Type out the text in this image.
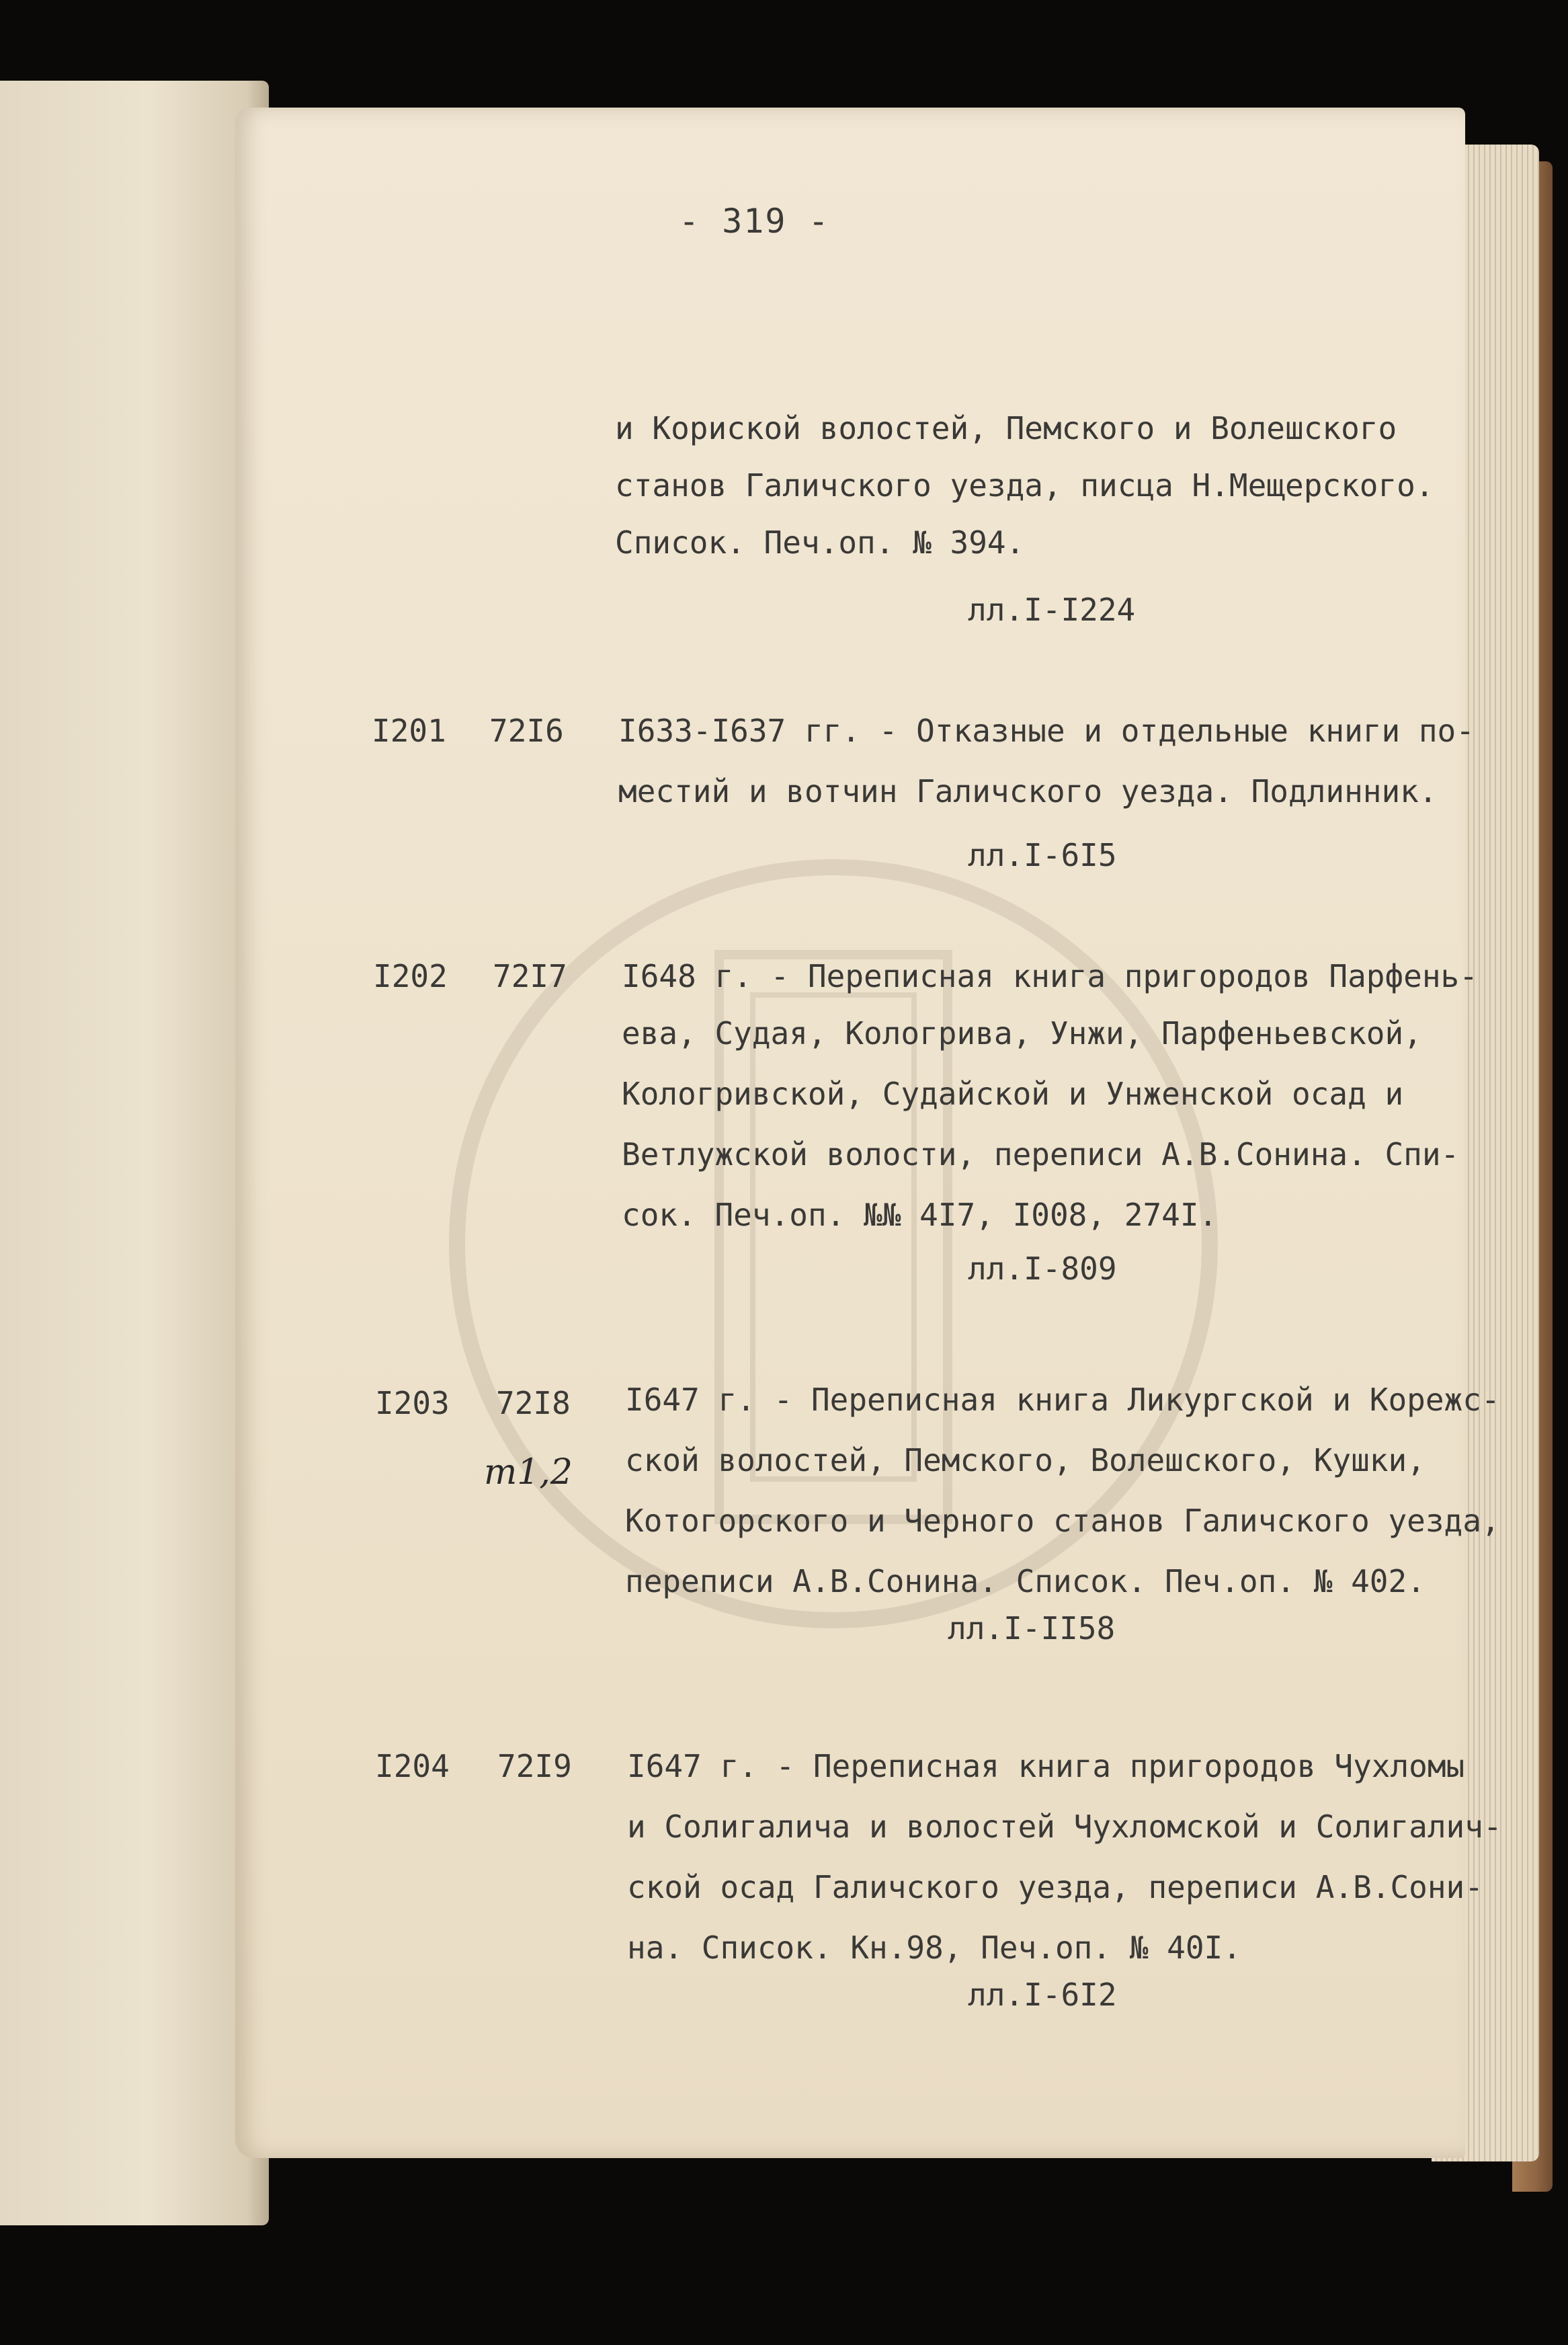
- 319 -
и Кориской волостей, Пемского и Волешского
станов Галичского уезда, писца Н.Мещерского.
Список. Печ.оп. № 394.
лл.I-I224
I201 72I6 I633-I637 гг. - Отказные и отдельные книги по-
местий и вотчин Галичского уезда. Подлинник.
лл.I-6I5
I202 72I7 I648 г. - Переписная книга пригородов Парфень-
ева, Судая, Кологрива, Унжи, Парфеньевской,
Кологривской, Судайской и Унженской осад и
Ветлужской волости, переписи А.В.Сонина. Спи-
сок. Печ.оп. №№ 4I7, I008, 274I.
лл.I-809
I203 72I8
т1,2
I647 г. - Переписная книга Ликургской и Корежс-
ской волостей, Пемского, Волешского, Кушки,
Котогорского и Черного станов Галичского уезда,
переписи А.В.Сонина. Список. Печ.оп. № 402.
лл.I-II58
I204 72I9 I647 г. - Переписная книга пригородов Чухломы
и Солигалича и волостей Чухломской и Солигалич-
ской осад Галичского уезда, переписи А.В.Сони-
на. Список. Кн.98, Печ.оп. № 40I.
лл.I-6I2
